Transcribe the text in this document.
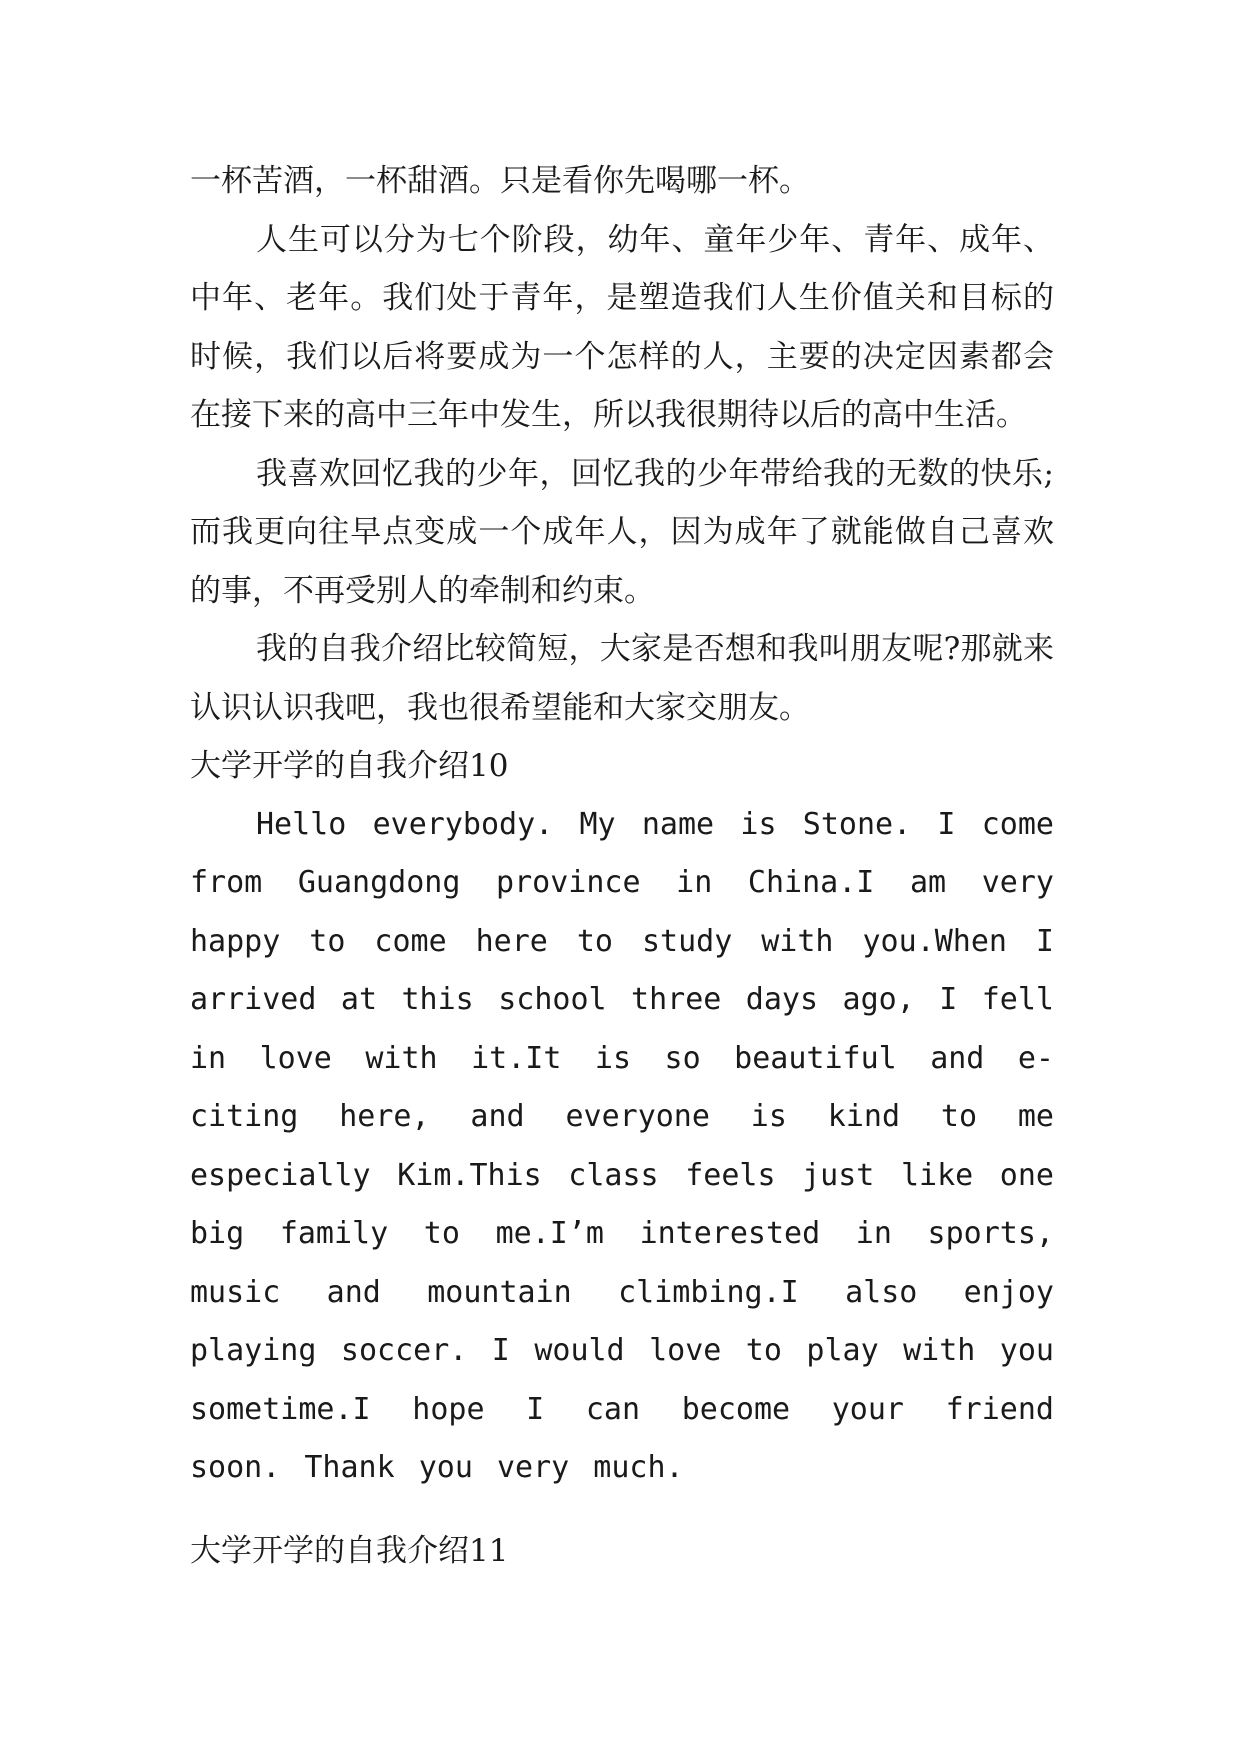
一杯苦酒，一杯甜酒。只是看你先喝哪一杯。

人生可以分为七个阶段，幼年、童年少年、青年、成年、中年、老年。我们处于青年，是塑造我们人生价值关和目标的时候，我们以后将要成为一个怎样的人，主要的决定因素都会在接下来的高中三年中发生，所以我很期待以后的高中生活。

我喜欢回忆我的少年，回忆我的少年带给我的无数的快乐;而我更向往早点变成一个成年人，因为成年了就能做自己喜欢的事，不再受别人的牵制和约束。

我的自我介绍比较简短，大家是否想和我叫朋友呢?那就来认识认识我吧，我也很希望能和大家交朋友。

大学开学的自我介绍10

Hello everybody. My name is Stone. I come from Guangdong province in China.I am very happy to come here to study with you.When I arrived at this school three days ago, I fell in love with it.It is so beautiful and e-citing here, and everyone is kind to me especially Kim.This class feels just like one big family to me.I’m interested in sports, music and mountain climbing.I also enjoy playing soccer. I would love to play with you sometime.I hope I can become your friend soon. Thank you very much.

大学开学的自我介绍11
